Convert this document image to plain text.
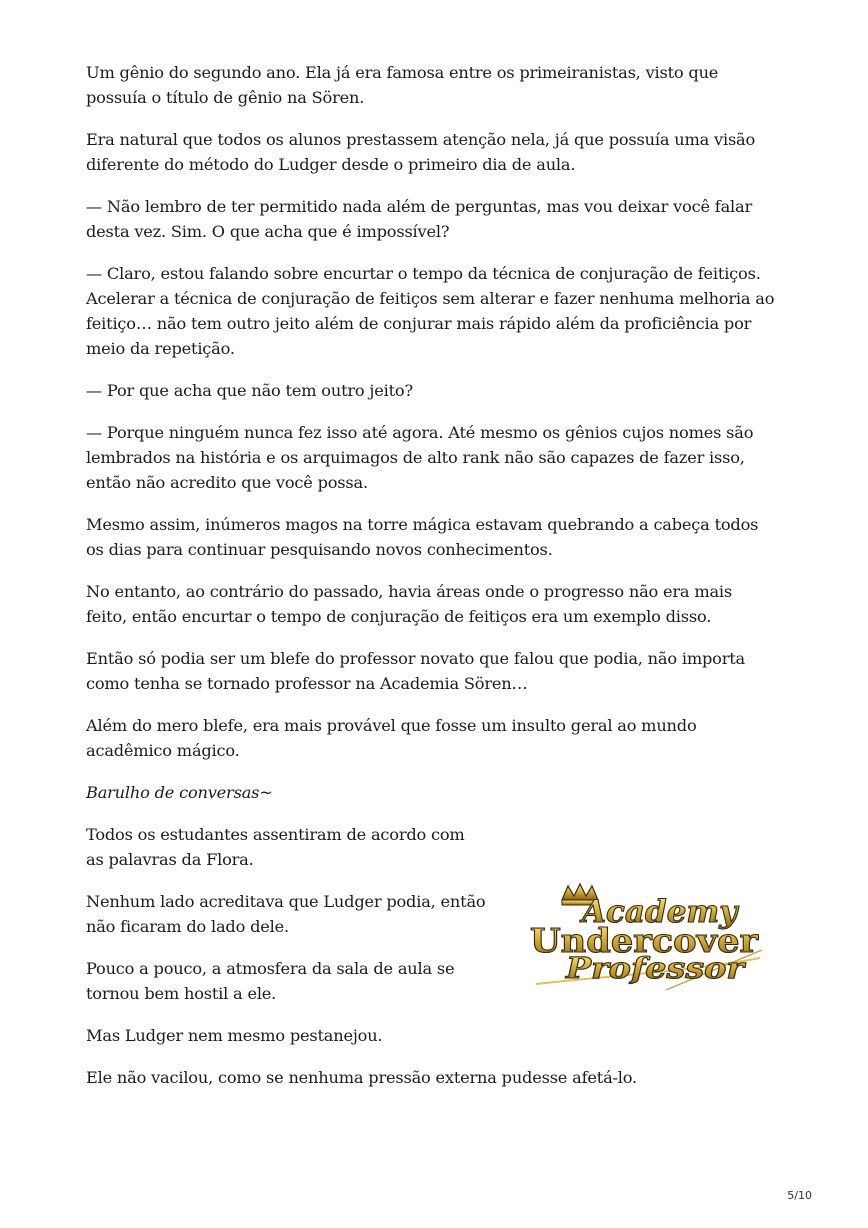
Um gênio do segundo ano. Ela já era famosa entre os primeiranistas, visto que possuía o título de gênio na Sören.

Era natural que todos os alunos prestassem atenção nela, já que possuía uma visão diferente do método do Ludger desde o primeiro dia de aula.

— Não lembro de ter permitido nada além de perguntas, mas vou deixar você falar desta vez. Sim. O que acha que é impossível?

— Claro, estou falando sobre encurtar o tempo da técnica de conjuração de feitiços. Acelerar a técnica de conjuração de feitiços sem alterar e fazer nenhuma melhoria ao feitiço… não tem outro jeito além de conjurar mais rápido além da proficiência por meio da repetição.

— Por que acha que não tem outro jeito?

— Porque ninguém nunca fez isso até agora. Até mesmo os gênios cujos nomes são lembrados na história e os arquimagos de alto rank não são capazes de fazer isso, então não acredito que você possa.

Mesmo assim, inúmeros magos na torre mágica estavam quebrando a cabeça todos os dias para continuar pesquisando novos conhecimentos.

No entanto, ao contrário do passado, havia áreas onde o progresso não era mais feito, então encurtar o tempo de conjuração de feitiços era um exemplo disso.

Então só podia ser um blefe do professor novato que falou que podia, não importa como tenha se tornado professor na Academia Sören…

Além do mero blefe, era mais provável que fosse um insulto geral ao mundo acadêmico mágico.

Barulho de conversas~

Todos os estudantes assentiram de acordo com as palavras da Flora.

Nenhum lado acreditava que Ludger podia, então não ficaram do lado dele.

Pouco a pouco, a atmosfera da sala de aula se tornou bem hostil a ele.

Mas Ludger nem mesmo pestanejou.

Ele não vacilou, como se nenhuma pressão externa pudesse afetá-lo.

Academy
Undercover
Professor
5/10
